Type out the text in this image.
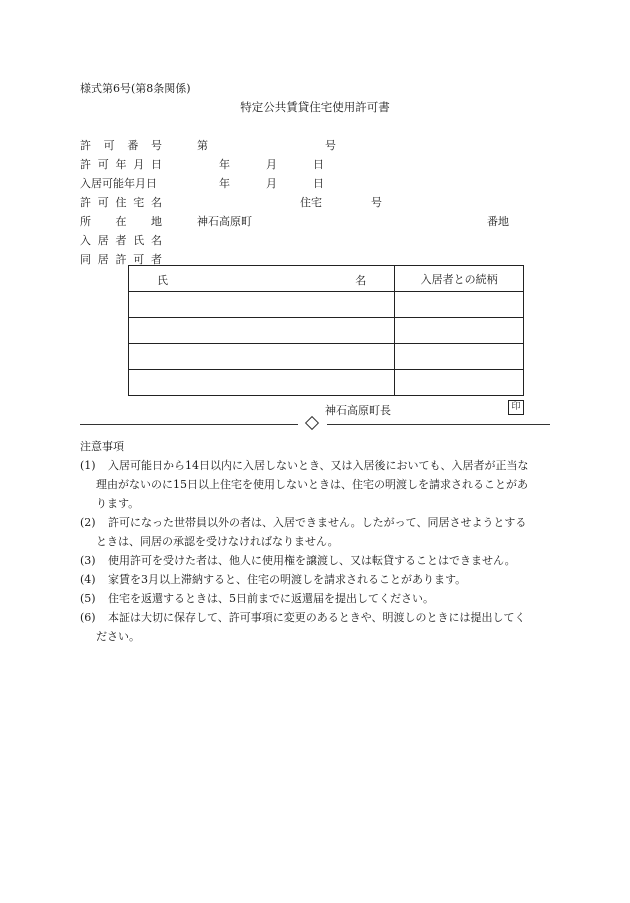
様式第6号(第8条関係)
特定公共賃貸住宅使用許可書
許 可 番 号	第	号
許 可 年 月 日	年	月	日
入居可能年月日	年	月	日
許 可 住 宅 名	住宅	号
所 在 地	神石高原町	番地
入 居 者 氏 名
同 居 許 可 者
氏 名	入居者との続柄

神石高原町長	印
注意事項
(1)	入居可能日から14日以内に入居しないとき、又は入居後においても、入居者が正当な
理由がないのに15日以上住宅を使用しないときは、住宅の明渡しを請求されることがあ
ります。
(2)	許可になった世帯員以外の者は、入居できません。したがって、同居させようとする
ときは、同居の承認を受けなければなりません。
(3)	使用許可を受けた者は、他人に使用権を譲渡し、又は転貸することはできません。
(4)	家賃を3月以上滞納すると、住宅の明渡しを請求されることがあります。
(5)	住宅を返還するときは、5日前までに返還届を提出してください。
(6)	本証は大切に保存して、許可事項に変更のあるときや、明渡しのときには提出してく
ださい。
